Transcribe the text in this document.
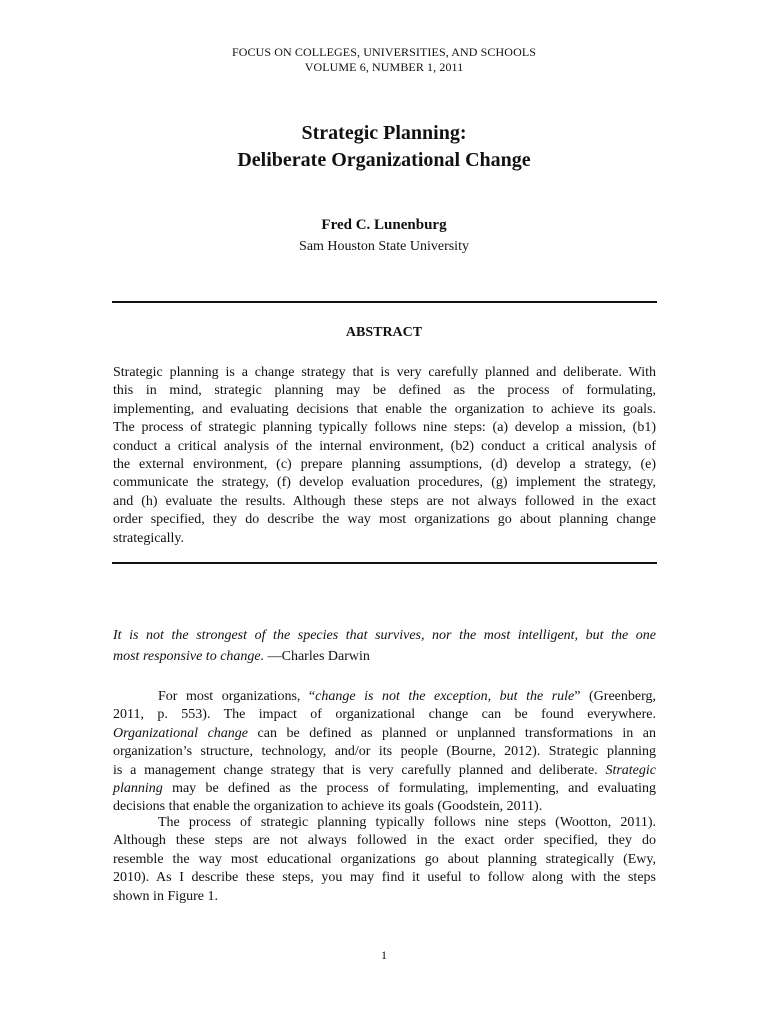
FOCUS ON COLLEGES, UNIVERSITIES, AND SCHOOLS
VOLUME 6, NUMBER 1, 2011
Strategic Planning:
Deliberate Organizational Change
Fred C. Lunenburg
Sam Houston State University
ABSTRACT
Strategic planning is a change strategy that is very carefully planned and deliberate. With
this in mind, strategic planning may be defined as the process of formulating,
implementing, and evaluating decisions that enable the organization to achieve its goals.
The process of strategic planning typically follows nine steps: (a) develop a mission, (b1)
conduct a critical analysis of the internal environment, (b2) conduct a critical analysis of
the external environment, (c) prepare planning assumptions, (d) develop a strategy, (e)
communicate the strategy, (f) develop evaluation procedures, (g) implement the strategy,
and (h) evaluate the results. Although these steps are not always followed in the exact
order specified, they do describe the way most organizations go about planning change
strategically.
It is not the strongest of the species that survives, nor the most intelligent, but the one
most responsive to change. —Charles Darwin
For most organizations, “change is not the exception, but the rule” (Greenberg,
2011, p. 553). The impact of organizational change can be found everywhere.
Organizational change can be defined as planned or unplanned transformations in an
organization’s structure, technology, and/or its people (Bourne, 2012). Strategic planning
is a management change strategy that is very carefully planned and deliberate. Strategic
planning may be defined as the process of formulating, implementing, and evaluating
decisions that enable the organization to achieve its goals (Goodstein, 2011).
The process of strategic planning typically follows nine steps (Wootton, 2011).
Although these steps are not always followed in the exact order specified, they do
resemble the way most educational organizations go about planning strategically (Ewy,
2010). As I describe these steps, you may find it useful to follow along with the steps
shown in Figure 1.
1
